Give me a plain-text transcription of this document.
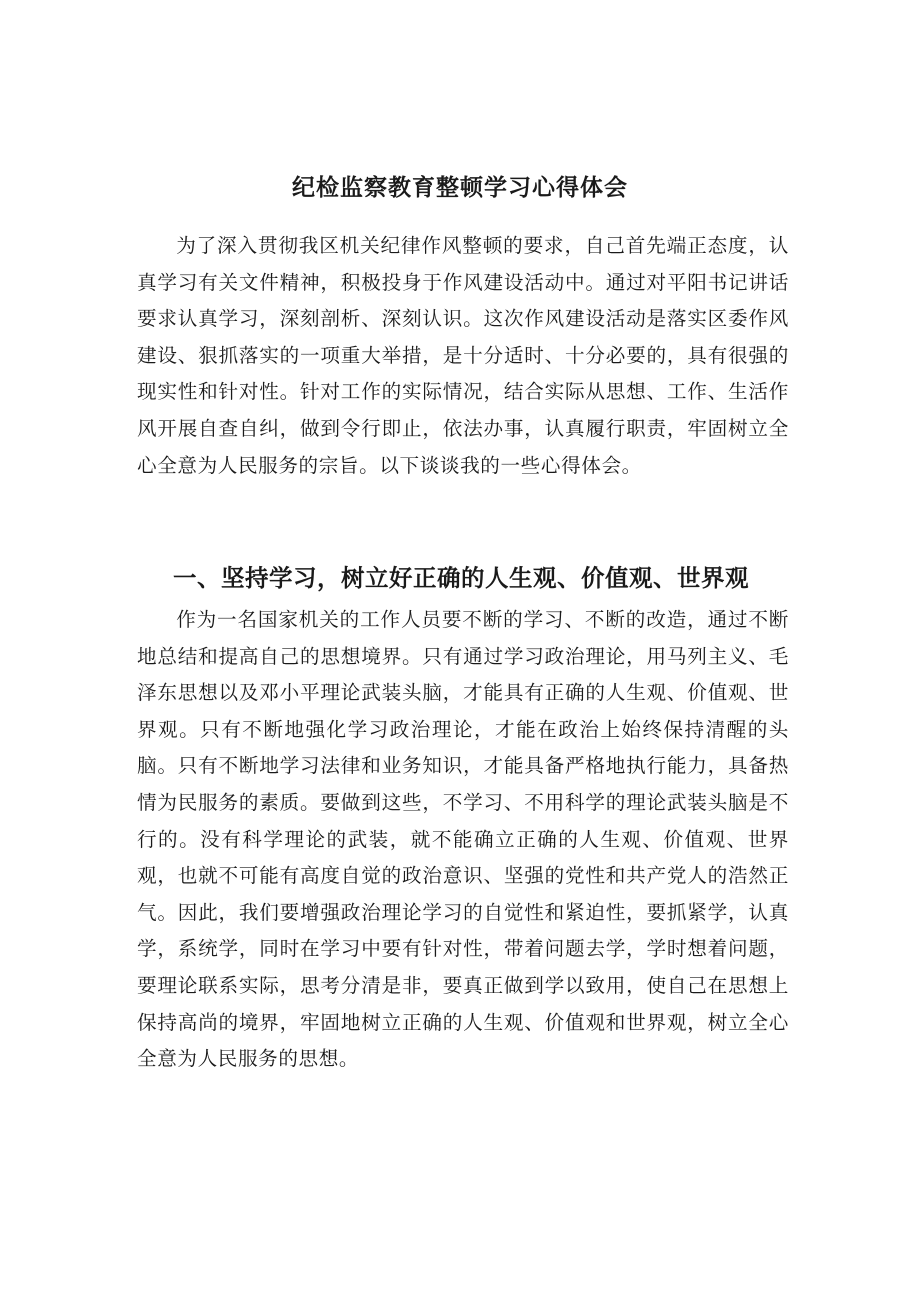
纪检监察教育整顿学习心得体会

为了深入贯彻我区机关纪律作风整顿的要求，自己首先端正态度，认真学习有关文件精神，积极投身于作风建设活动中。通过对平阳书记讲话要求认真学习，深刻剖析、深刻认识。这次作风建设活动是落实区委作风建设、狠抓落实的一项重大举措，是十分适时、十分必要的，具有很强的现实性和针对性。针对工作的实际情况，结合实际从思想、工作、生活作风开展自查自纠，做到令行即止，依法办事，认真履行职责，牢固树立全心全意为人民服务的宗旨。以下谈谈我的一些心得体会。

一、坚持学习，树立好正确的人生观、价值观、世界观

作为一名国家机关的工作人员要不断的学习、不断的改造，通过不断地总结和提高自己的思想境界。只有通过学习政治理论，用马列主义、毛泽东思想以及邓小平理论武装头脑，才能具有正确的人生观、价值观、世界观。只有不断地强化学习政治理论，才能在政治上始终保持清醒的头脑。只有不断地学习法律和业务知识，才能具备严格地执行能力，具备热情为民服务的素质。要做到这些，不学习、不用科学的理论武装头脑是不行的。没有科学理论的武装，就不能确立正确的人生观、价值观、世界观，也就不可能有高度自觉的政治意识、坚强的党性和共产党人的浩然正气。因此，我们要增强政治理论学习的自觉性和紧迫性，要抓紧学，认真学，系统学，同时在学习中要有针对性，带着问题去学，学时想着问题，要理论联系实际，思考分清是非，要真正做到学以致用，使自己在思想上保持高尚的境界，牢固地树立正确的人生观、价值观和世界观，树立全心全意为人民服务的思想。
